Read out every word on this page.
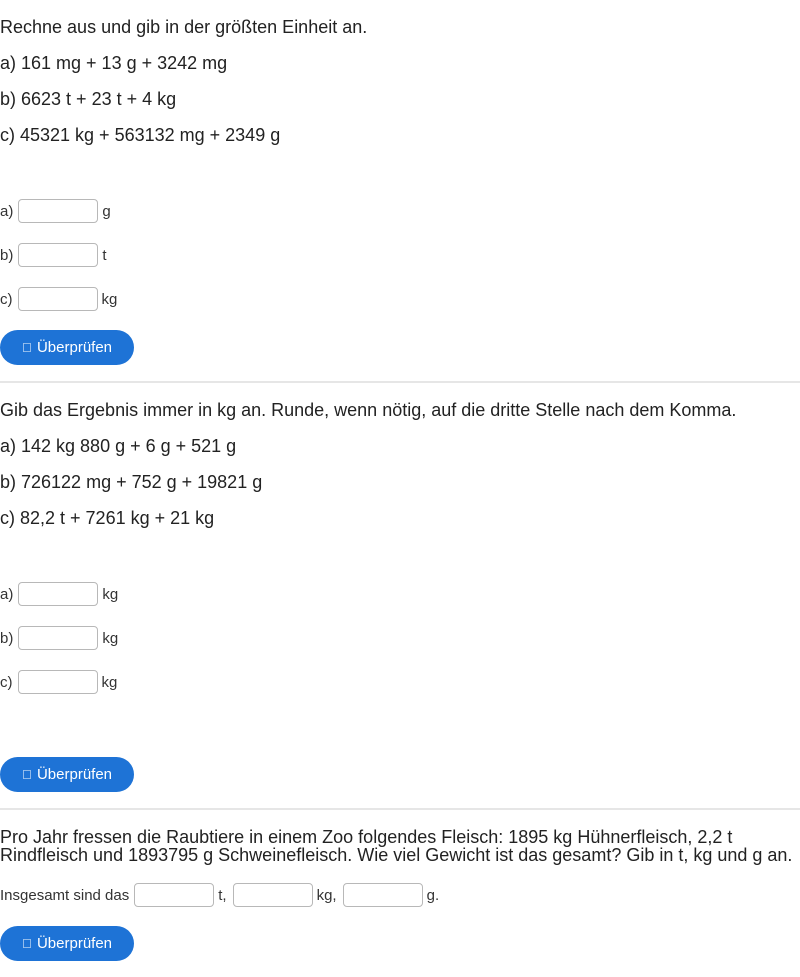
Rechne aus und gib in der größten Einheit an.
a) 161 mg + 13 g + 3242 mg
b) 6623 t + 23 t + 4 kg
c) 45321 kg + 563132 mg + 2349 g
a)	g
b)	t
c)	kg
Überprüfen
Gib das Ergebnis immer in kg an. Runde, wenn nötig, auf die dritte Stelle nach dem Komma.
a) 142 kg 880 g + 6 g + 521 g
b) 726122 mg + 752 g + 19821 g
c) 82,2 t + 7261 kg + 21 kg
a)	kg
b)	kg
c)	kg
Überprüfen
Pro Jahr fressen die Raubtiere in einem Zoo folgendes Fleisch: 1895 kg Hühnerfleisch, 2,2 t Rindfleisch und 1893795 g Schweinefleisch. Wie viel Gewicht ist das gesamt? Gib in t, kg und g an.
Insgesamt sind das	t,	kg,	g.
Überprüfen
